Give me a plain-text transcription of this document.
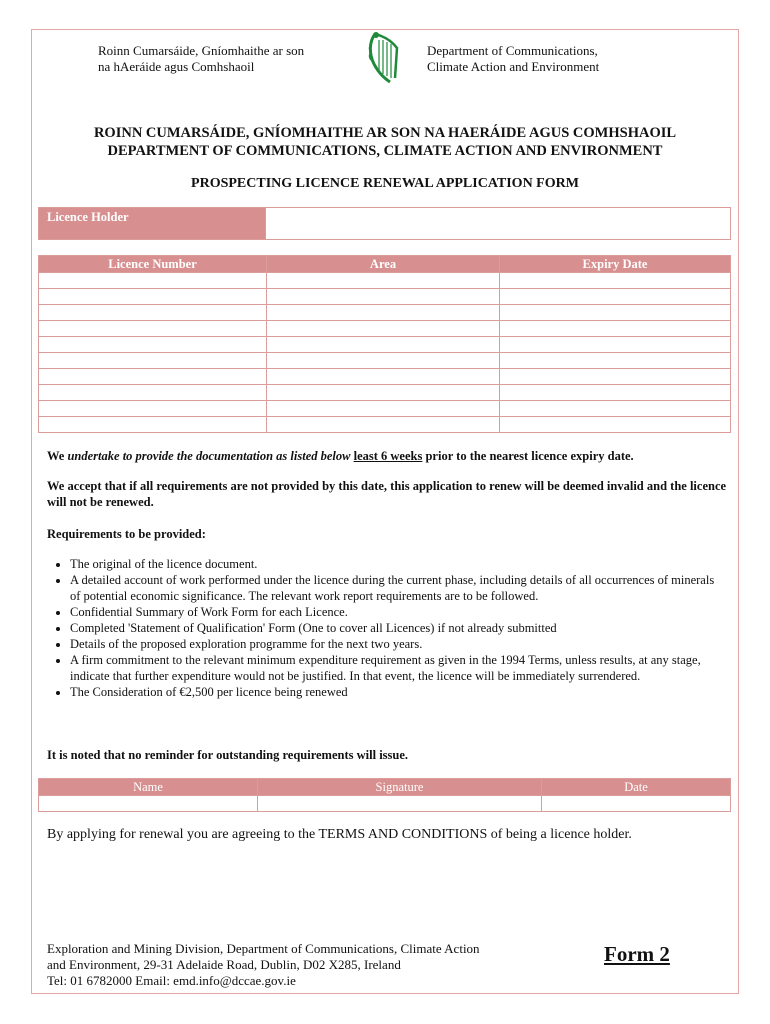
Roinn Cumarsáide, Gníomhaithe ar son
na hAeráide agus Comhshaoil
Department of Communications,
Climate Action and Environment
ROINN CUMARSÁIDE, GNÍOMHAITHE AR SON NA HAERÁIDE AGUS COMHSHAOIL
DEPARTMENT OF COMMUNICATIONS, CLIMATE ACTION AND ENVIRONMENT
PROSPECTING LICENCE RENEWAL APPLICATION FORM
Licence Holder	
Licence Number	Area	Expiry Date

We undertake to provide the documentation as listed below least 6 weeks prior to the nearest licence expiry date.
We accept that if all requirements are not provided by this date, this application to renew will be deemed invalid and the licence will not be renewed.
Requirements to be provided:
• The original of the licence document.
• A detailed account of work performed under the licence during the current phase, including details of all occurrences of minerals of potential economic significance. The relevant work report requirements are to be followed.
• Confidential Summary of Work Form for each Licence.
• Completed 'Statement of Qualification' Form (One to cover all Licences) if not already submitted
• Details of the proposed exploration programme for the next two years.
• A firm commitment to the relevant minimum expenditure requirement as given in the 1994 Terms, unless results, at any stage, indicate that further expenditure would not be justified. In that event, the licence will be immediately surrendered.
• The Consideration of €2,500 per licence being renewed
It is noted that no reminder for outstanding requirements will issue.
Name	Signature	Date

By applying for renewal you are agreeing to the TERMS AND CONDITIONS of being a licence holder.
Exploration and Mining Division, Department of Communications, Climate Action
and Environment, 29-31 Adelaide Road, Dublin, D02 X285, Ireland
Tel: 01 6782000 Email: emd.info@dccae.gov.ie
Form 2
